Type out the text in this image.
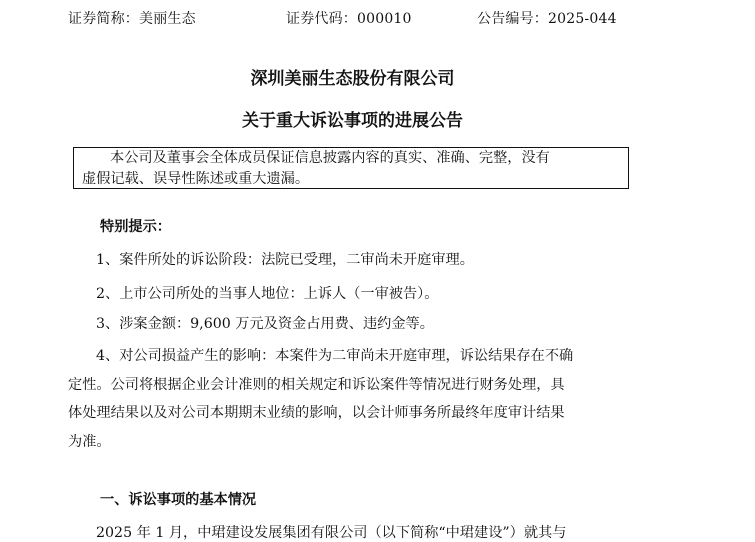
证券简称：美丽生态	证券代码：000010	公告编号：2025-044
深圳美丽生态股份有限公司
关于重大诉讼事项的进展公告
本公司及董事会全体成员保证信息披露内容的真实、准确、完整，没有
虚假记载、误导性陈述或重大遗漏。
特别提示：
1、案件所处的诉讼阶段：法院已受理，二审尚未开庭审理。
2、上市公司所处的当事人地位：上诉人（一审被告）。
3、涉案金额：9,600 万元及资金占用费、违约金等。
4、对公司损益产生的影响：本案件为二审尚未开庭审理，诉讼结果存在不确
定性。公司将根据企业会计准则的相关规定和诉讼案件等情况进行财务处理，具
体处理结果以及对公司本期期末业绩的影响，以会计师事务所最终年度审计结果
为准。
一、诉讼事项的基本情况
2025 年 1 月，中珺建设发展集团有限公司（以下简称“中珺建设”）就其与
